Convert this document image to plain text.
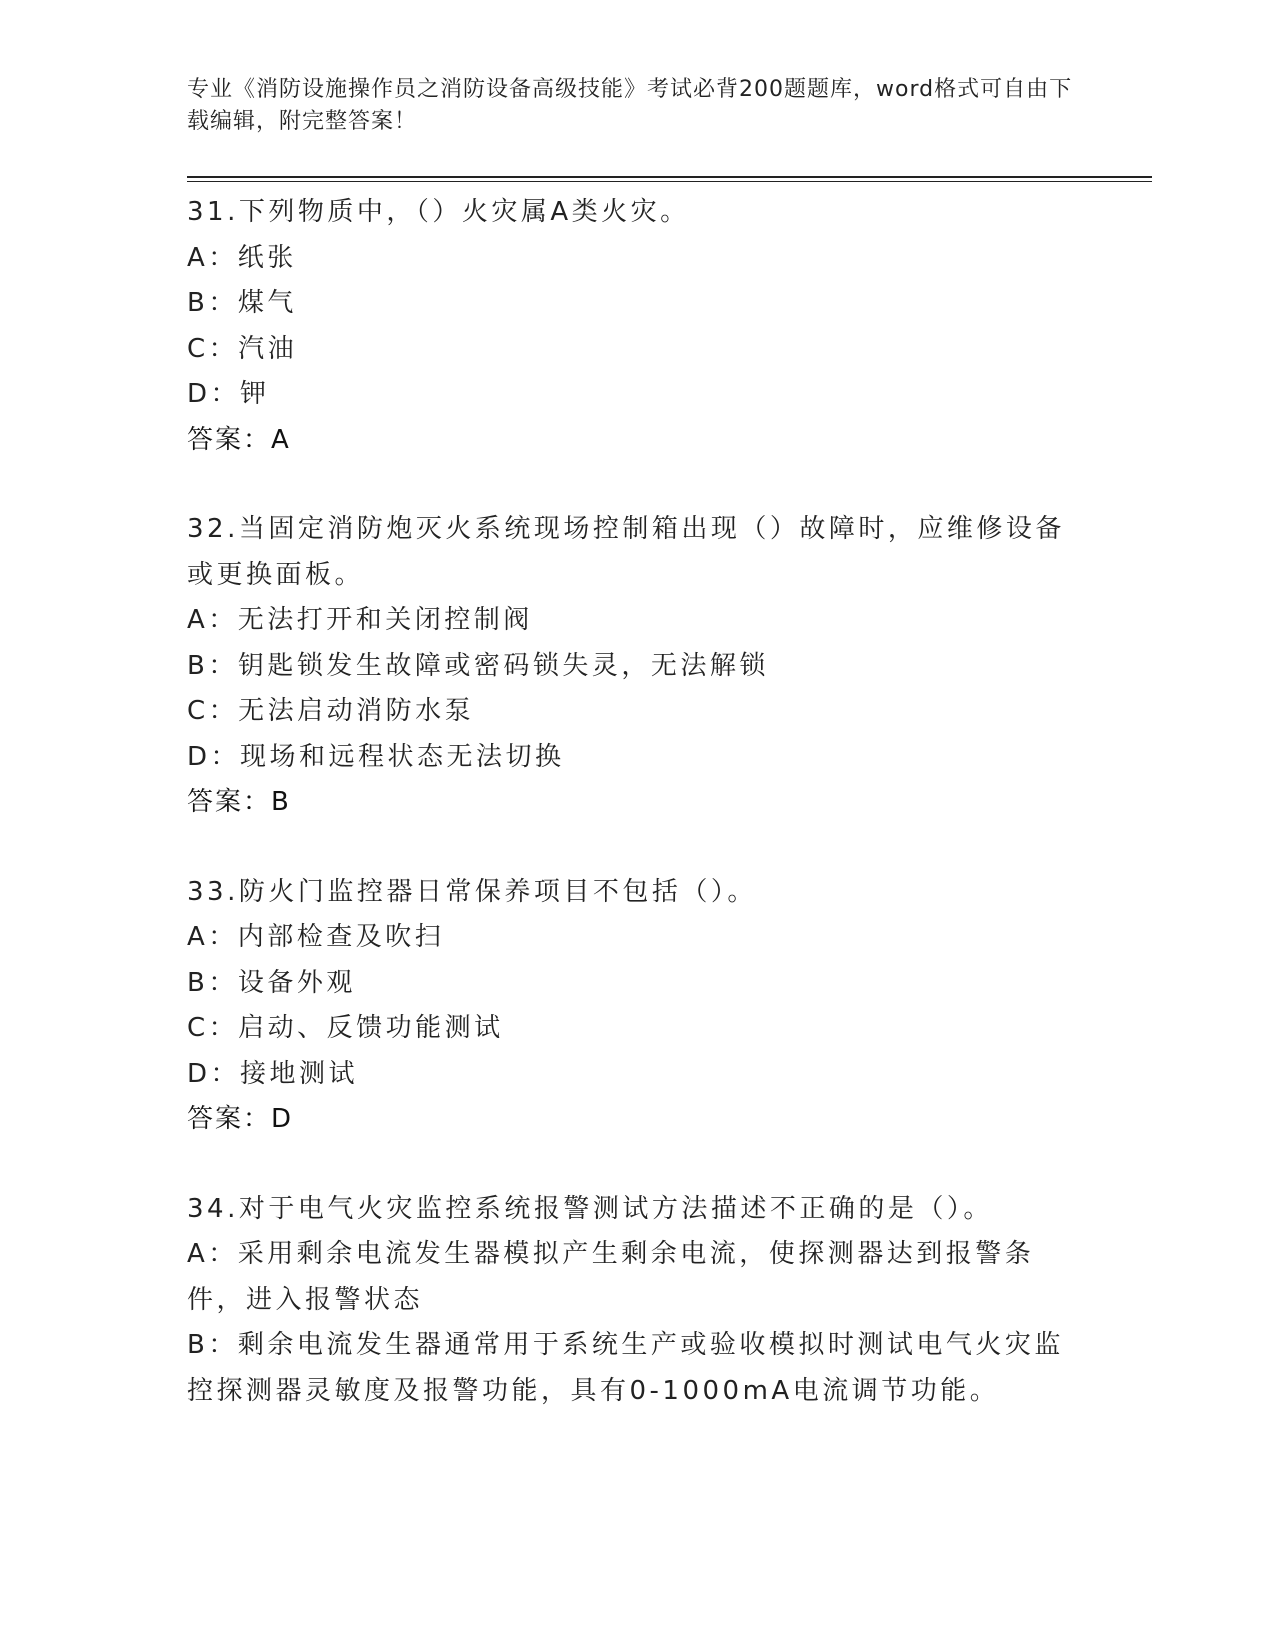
专业《消防设施操作员之消防设备高级技能》考试必背200题题库，word格式可自由下载编辑，附完整答案！
31.下列物质中，（）火灾属A类火灾。
A：纸张
B：煤气
C：汽油
D：钾
答案：A
32.当固定消防炮灭火系统现场控制箱出现（）故障时，应维修设备或更换面板。
A：无法打开和关闭控制阀
B：钥匙锁发生故障或密码锁失灵，无法解锁
C：无法启动消防水泵
D：现场和远程状态无法切换
答案：B
33.防火门监控器日常保养项目不包括（）。
A：内部检查及吹扫
B：设备外观
C：启动、反馈功能测试
D：接地测试
答案：D
34.对于电气火灾监控系统报警测试方法描述不正确的是（）。
A：采用剩余电流发生器模拟产生剩余电流，使探测器达到报警条件，进入报警状态
B：剩余电流发生器通常用于系统生产或验收模拟时测试电气火灾监控探测器灵敏度及报警功能，具有0-1000mA电流调节功能。
